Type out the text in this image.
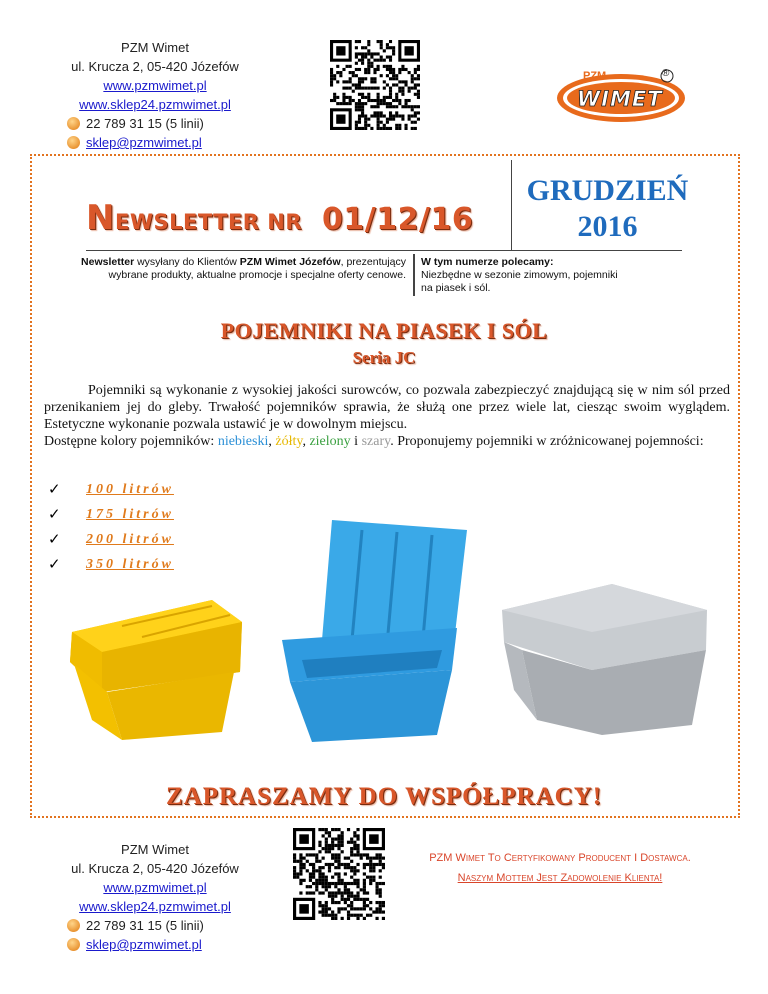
PZM Wimet
ul. Krucza 2, 05-420 Józefów
www.pzmwimet.pl
www.sklep24.pzmwimet.pl
22 789 31 15 (5 linii)
sklep@pzmwimet.pl
PZM	®
WIMET
NEWSLETTER NR 01/12/16
GRUDZIEŃ
2016
Newsletter wysyłany do Klientów PZM Wimet Józefów, prezentujący wybrane produkty, aktualne promocje i specjalne oferty cenowe.
W tym numerze polecamy:
Niezbędne w sezonie zimowym, pojemniki na piasek i sól.
POJEMNIKI NA PIASEK I SÓL
Seria JC
Pojemniki są wykonanie z wysokiej jakości surowców, co pozwala zabezpieczyć znajdującą się w nim sól przed przenikaniem jej do gleby. Trwałość pojemników sprawia, że służą one przez wiele lat, ciesząc swoim wyglądem. Estetyczne wykonanie pozwala ustawić je w dowolnym miejscu.
Dostępne kolory pojemników: niebieski, żółty, zielony i szary. Proponujemy pojemniki w zróżnicowanej pojemności:
✓	100 litrów
✓	175 litrów
✓	200 litrów
✓	350 litrów
ZAPRASZAMY DO WSPÓŁPRACY!
PZM Wimet
ul. Krucza 2, 05-420 Józefów
www.pzmwimet.pl
www.sklep24.pzmwimet.pl
22 789 31 15 (5 linii)
sklep@pzmwimet.pl
PZM Wimet To Certyfikowany Producent I Dostawca.
Naszym Mottem Jest Zadowolenie Klienta!
